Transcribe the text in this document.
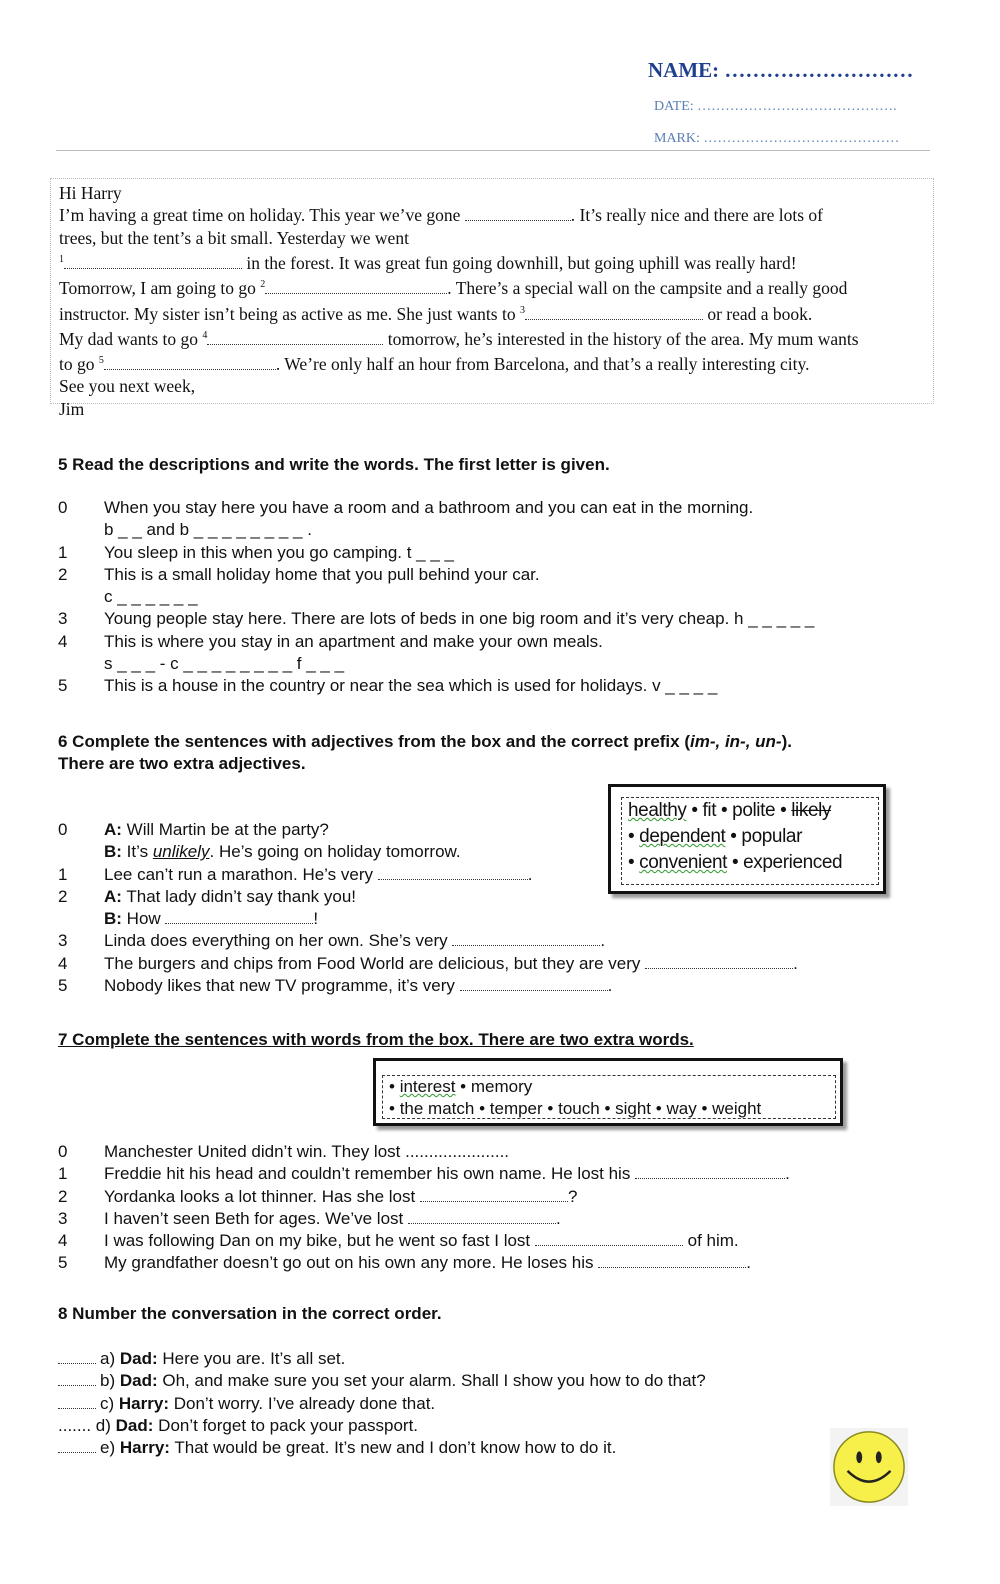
NAME: ………………………
DATE: …………………………………….
MARK: ……………………………………
Hi Harry
I’m having a great time on holiday. This year we’ve gone	. It’s really nice and there are lots of
trees, but the tent’s a bit small. Yesterday we went
$^1$	in the forest. It was great fun going downhill, but going uphill was really hard!
Tomorrow, I am going to go $^2$	. There’s a special wall on the campsite and a really good
instructor. My sister isn’t being as active as me. She just wants to $^3$	or read a book.
My dad wants to go $^4$	tomorrow, he’s interested in the history of the area. My mum wants
to go $^5$	. We’re only half an hour from Barcelona, and that’s a really interesting city.
See you next week,
Jim
5 Read the descriptions and write the words. The first letter is given.
0	When you stay here you have a room and a bathroom and you can eat in the morning.
b _ _ and b _ _ _ _ _ _ _ _ .
1	You sleep in this when you go camping. t _ _ _
2	This is a small holiday home that you pull behind your car.
c _ _ _ _ _ _
3	Young people stay here. There are lots of beds in one big room and it’s very cheap. h _ _ _ _ _
4	This is where you stay in an apartment and make your own meals.
s _ _ _ - c _ _ _ _ _ _ _ _ f _ _ _
5	This is a house in the country or near the sea which is used for holidays. v _ _ _ _
6 Complete the sentences with adjectives from the box and the correct prefix (im-, in-, un-).
There are two extra adjectives.
healthy • fit • polite • likely
• dependent • popular
• convenient • experienced
0	A: Will Martin be at the party?
B: It’s unlikely. He’s going on holiday tomorrow.
1	Lee can’t run a marathon. He’s very	.
2	A: That lady didn’t say thank you!
B: How	!
3	Linda does everything on her own. She’s very	.
4	The burgers and chips from Food World are delicious, but they are very	.
5	Nobody likes that new TV programme, it’s very	.
7 Complete the sentences with words from the box. There are two extra words.
• interest • memory
• the match • temper • touch • sight • way • weight
0	Manchester United didn’t win. They lost ......................
1	Freddie hit his head and couldn’t remember his own name. He lost his	.
2	Yordanka looks a lot thinner. Has she lost	?
3	I haven’t seen Beth for ages. We’ve lost	.
4	I was following Dan on my bike, but he went so fast I lost	of him.
5	My grandfather doesn’t go out on his own any more. He loses his	.
8 Number the conversation in the correct order.
a) Dad: Here you are. It’s all set.
b) Dad: Oh, and make sure you set your alarm. Shall I show you how to do that?
c) Harry: Don’t worry. I’ve already done that.
....... d) Dad: Don’t forget to pack your passport.
e) Harry: That would be great. It’s new and I don’t know how to do it.
